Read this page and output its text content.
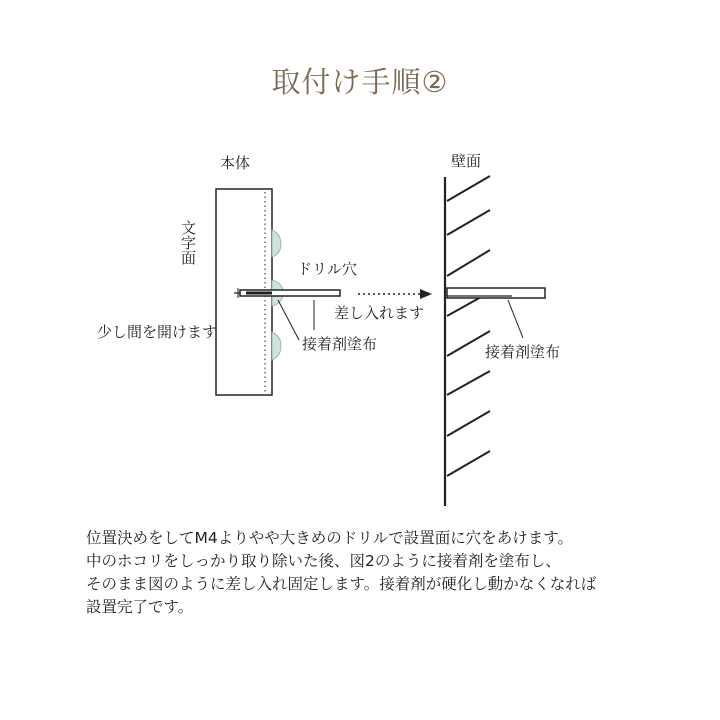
取付け手順②
本体	壁面
文字面
ドリル穴
差し入れます
少し間を開けます
接着剤塗布	接着剤塗布
位置決めをしてM4よりやや大きめのドリルで設置面に穴をあけます。
中のホコリをしっかり取り除いた後、図2のように接着剤を塗布し、
そのまま図のように差し入れ固定します。接着剤が硬化し動かなくなれば
設置完了です。
